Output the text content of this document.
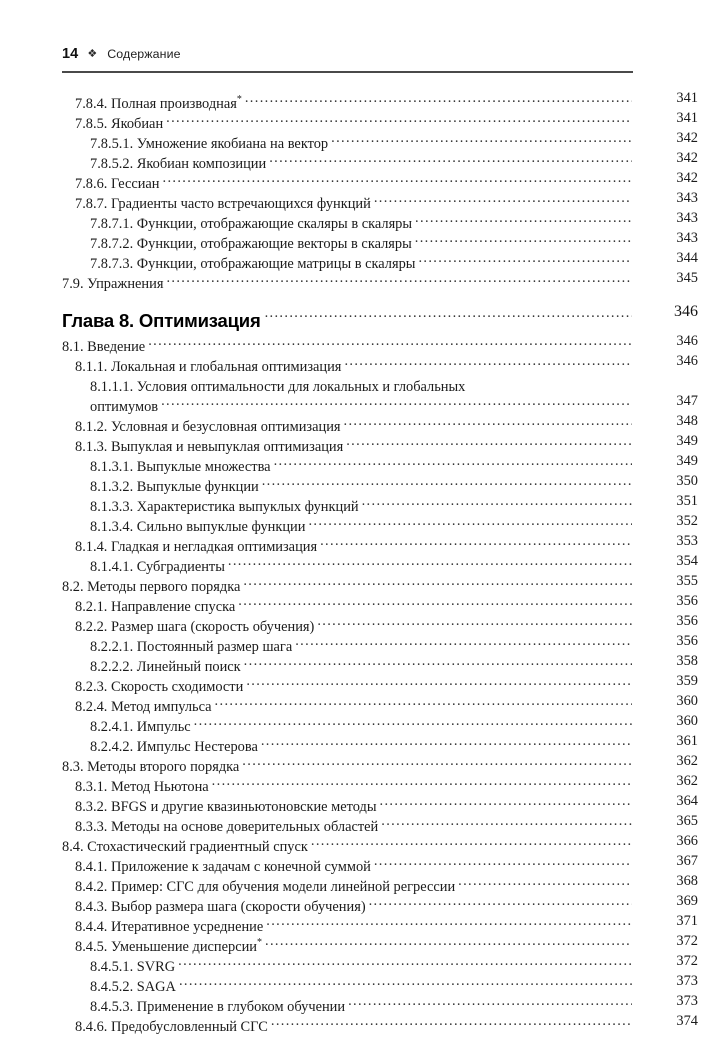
14 ❖ Содержание
7.8.4. Полная производная* .....	341
7.8.5. Якобиан .....	341
7.8.5.1. Умножение якобиана на вектор .....	342
7.8.5.2. Якобиан композиции .....	342
7.8.6. Гессиан .....	342
7.8.7. Градиенты часто встречающихся функций .....	343
7.8.7.1. Функции, отображающие скаляры в скаляры .....	343
7.8.7.2. Функции, отображающие векторы в скаляры .....	343
7.8.7.3. Функции, отображающие матрицы в скаляры .....	344
7.9. Упражнения .....	345
Глава 8. Оптимизация .....	346
8.1. Введение .....	346
8.1.1. Локальная и глобальная оптимизация .....	346
8.1.1.1. Условия оптимальности для локальных и глобальных
оптимумов .....	347
8.1.2. Условная и безусловная оптимизация .....	348
8.1.3. Выпуклая и невыпуклая оптимизация .....	349
8.1.3.1. Выпуклые множества .....	349
8.1.3.2. Выпуклые функции .....	350
8.1.3.3. Характеристика выпуклых функций .....	351
8.1.3.4. Сильно выпуклые функции .....	352
8.1.4. Гладкая и негладкая оптимизация .....	353
8.1.4.1. Субградиенты .....	354
8.2. Методы первого порядка .....	355
8.2.1. Направление спуска .....	356
8.2.2. Размер шага (скорость обучения) .....	356
8.2.2.1. Постоянный размер шага .....	356
8.2.2.2. Линейный поиск .....	358
8.2.3. Скорость сходимости .....	359
8.2.4. Метод импульса .....	360
8.2.4.1. Импульс .....	360
8.2.4.2. Импульс Нестерова .....	361
8.3. Методы второго порядка .....	362
8.3.1. Метод Ньютона .....	362
8.3.2. BFGS и другие квазиньютоновские методы .....	364
8.3.3. Методы на основе доверительных областей .....	365
8.4. Стохастический градиентный спуск .....	366
8.4.1. Приложение к задачам с конечной суммой .....	367
8.4.2. Пример: СГС для обучения модели линейной регрессии .....	368
8.4.3. Выбор размера шага (скорости обучения) .....	369
8.4.4. Итеративное усреднение .....	371
8.4.5. Уменьшение дисперсии* .....	372
8.4.5.1. SVRG .....	372
8.4.5.2. SAGA .....	373
8.4.5.3. Применение в глубоком обучении .....	373
8.4.6. Предобусловленный СГС .....	374
